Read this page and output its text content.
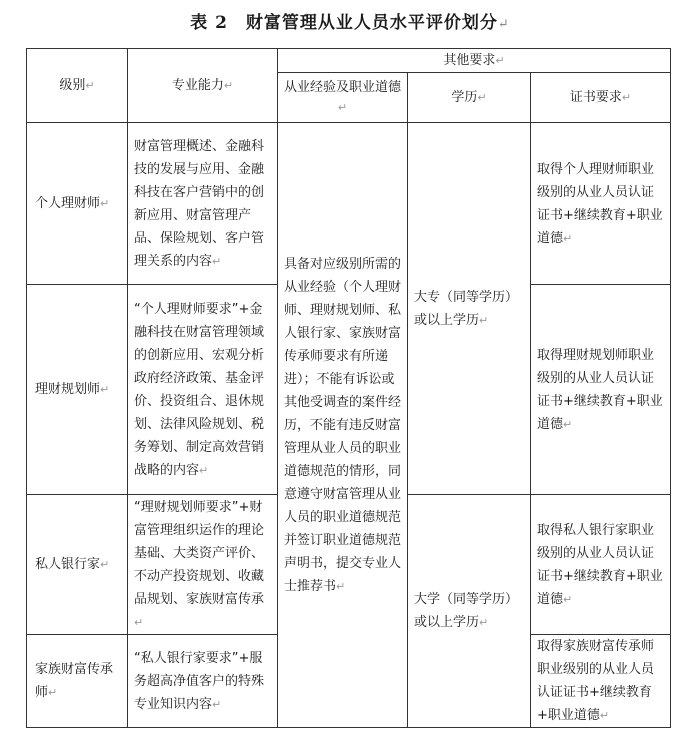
表 2　财富管理从业人员水平评价划分↵
级别↵	专业能力↵	其他要求↵		
		从业经验及职业道德↵	学历↵	证书要求↵
个人理财师↵	财富管理概述、金融科技的发展与应用、金融科技在客户营销中的创新应用、财富管理产品、保险规划、客户管理关系的内容↵	具备对应级别所需的从业经验（个人理财师、理财规划师、私人银行家、家族财富传承师要求有所递进）；不能有诉讼或其他受调查的案件经历，不能有违反财富管理从业人员的职业道德规范的情形，同意遵守财富管理从业人员的职业道德规范并签订职业道德规范声明书，提交专业人士推荐书↵	大专（同等学历）或以上学历↵	取得个人理财师职业级别的从业人员认证证书+继续教育+职业道德↵
理财规划师↵	“个人理财师要求”+金融科技在财富管理领域的创新应用、宏观分析政府经济政策、基金评价、投资组合、退休规划、法律风险规划、税务筹划、制定高效营销战略的内容↵			取得理财规划师职业级别的从业人员认证证书+继续教育+职业道德↵
私人银行家↵	“理财规划师要求”+财富管理组织运作的理论基础、大类资产评价、不动产投资规划、收藏品规划、家族财富传承↵		大学（同等学历）或以上学历↵	取得私人银行家职业级别的从业人员认证证书+继续教育+职业道德↵
家族财富传承师↵	“私人银行家要求”+服务超高净值客户的特殊专业知识内容↵			取得家族财富传承师职业级别的从业人员认证证书+继续教育+职业道德↵
